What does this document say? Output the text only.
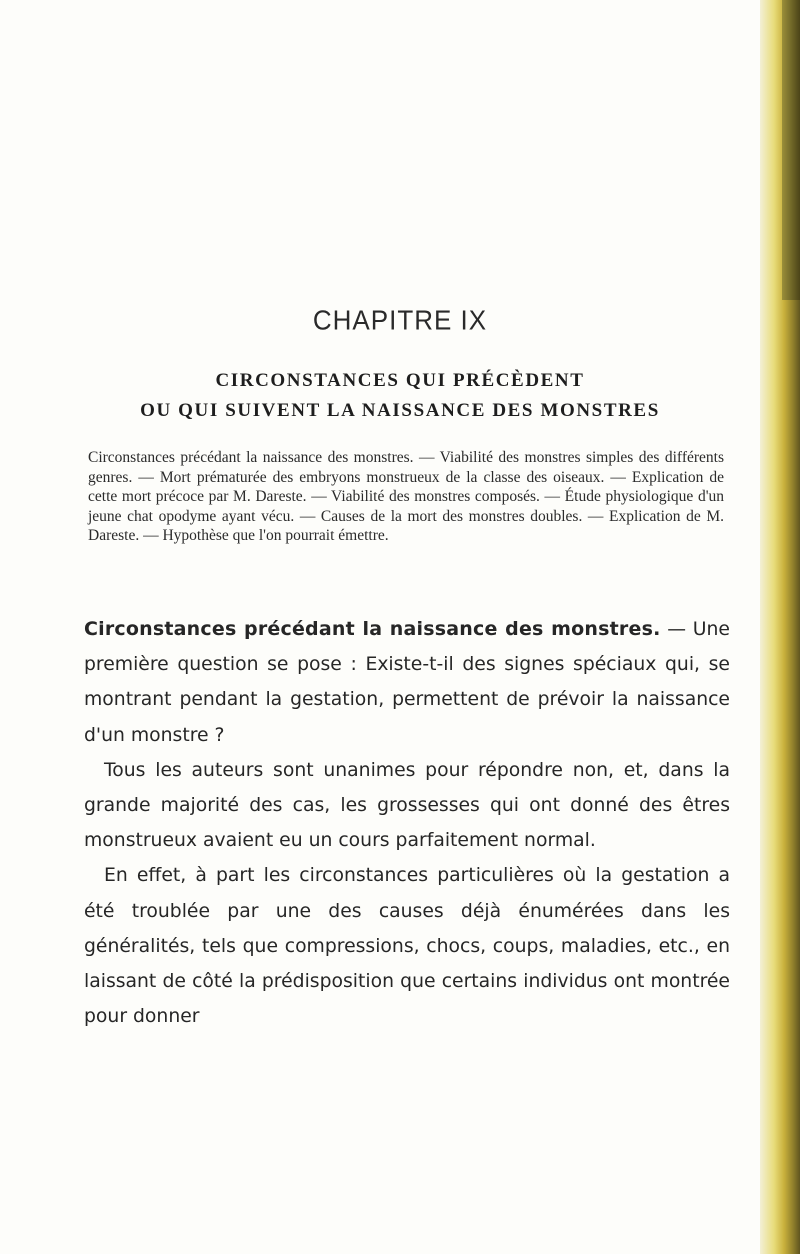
CHAPITRE IX
CIRCONSTANCES QUI PRÉCÈDENT
OU QUI SUIVENT LA NAISSANCE DES MONSTRES
Circonstances précédant la naissance des monstres. — Viabilité des monstres simples des différents genres. — Mort prématurée des embryons monstrueux de la classe des oiseaux. — Explication de cette mort précoce par M. Dareste. — Viabilité des monstres composés. — Étude physiologique d'un jeune chat opodyme ayant vécu. — Causes de la mort des monstres doubles. — Explication de M. Dareste. — Hypothèse que l'on pourrait émettre.

Circonstances précédant la naissance des monstres. — Une première question se pose : Existe-t-il des signes spéciaux qui, se montrant pendant la gestation, permettent de prévoir la naissance d'un monstre ?

Tous les auteurs sont unanimes pour répondre non, et, dans la grande majorité des cas, les grossesses qui ont donné des êtres monstrueux avaient eu un cours parfaitement normal.

En effet, à part les circonstances particulières où la gestation a été troublée par une des causes déjà énumérées dans les généralités, tels que compressions, chocs, coups, maladies, etc., en laissant de côté la prédisposition que certains individus ont montrée pour donner
